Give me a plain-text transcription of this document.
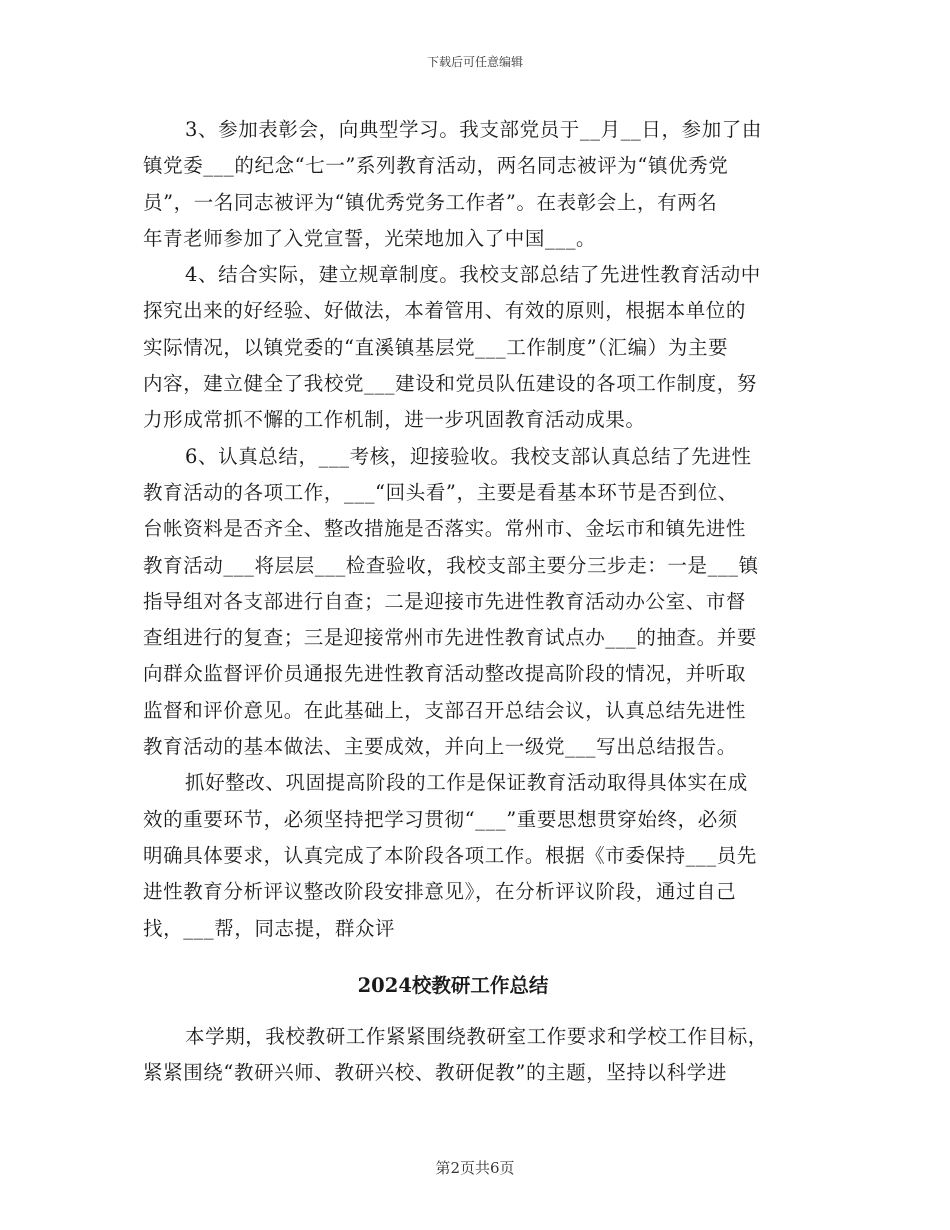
下载后可任意编辑
3、参加表彰会，向典型学习。我支部党员于__月__日，参加了由
镇党委___的纪念“七一”系列教育活动，两名同志被评为“镇优秀党
员”，一名同志被评为“镇优秀党务工作者”。在表彰会上，有两名
年青老师参加了入党宣誓，光荣地加入了中国___。
4、结合实际，建立规章制度。我校支部总结了先进性教育活动中
探究出来的好经验、好做法，本着管用、有效的原则，根据本单位的
实际情况，以镇党委的“直溪镇基层党___工作制度”（汇编）为主要
内容，建立健全了我校党___建设和党员队伍建设的各项工作制度，努
力形成常抓不懈的工作机制，进一步巩固教育活动成果。
6、认真总结，___考核，迎接验收。我校支部认真总结了先进性
教育活动的各项工作，___“回头看”，主要是看基本环节是否到位、
台帐资料是否齐全、整改措施是否落实。常州市、金坛市和镇先进性
教育活动___将层层___检查验收，我校支部主要分三步走：一是___镇
指导组对各支部进行自查；二是迎接市先进性教育活动办公室、市督
查组进行的复查；三是迎接常州市先进性教育试点办___的抽查。并要
向群众监督评价员通报先进性教育活动整改提高阶段的情况，并听取
监督和评价意见。在此基础上，支部召开总结会议，认真总结先进性
教育活动的基本做法、主要成效，并向上一级党___写出总结报告。
抓好整改、巩固提高阶段的工作是保证教育活动取得具体实在成
效的重要环节，必须坚持把学习贯彻“___”重要思想贯穿始终，必须
明确具体要求，认真完成了本阶段各项工作。根据《市委保持___员先
进性教育分析评议整改阶段安排意见》，在分析评议阶段，通过自己
找，___帮，同志提，群众评
2024校教研工作总结
本学期，我校教研工作紧紧围绕教研室工作要求和学校工作目标，
紧紧围绕“教研兴师、教研兴校、教研促教”的主题，坚持以科学进
第2页共6页
